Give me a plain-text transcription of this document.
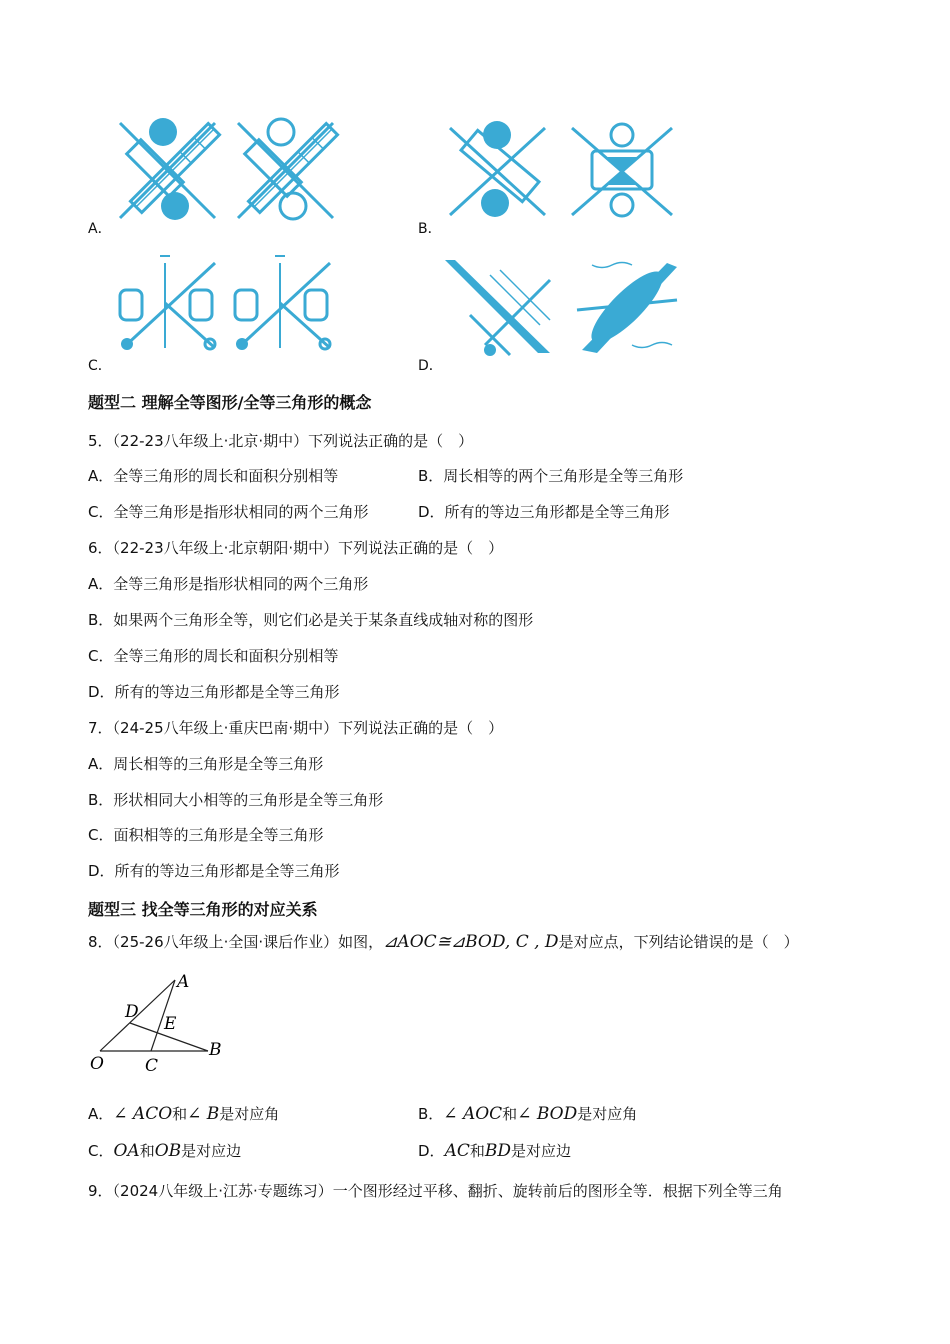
A．	B．
C．	D．
题型二 理解全等图形/全等三角形的概念
5．（22-23八年级上·北京·期中）下列说法正确的是（　）
A．全等三角形的周长和面积分别相等	B．周长相等的两个三角形是全等三角形
C．全等三角形是指形状相同的两个三角形	D．所有的等边三角形都是全等三角形
6．（22-23八年级上·北京朝阳·期中）下列说法正确的是（　）
A．全等三角形是指形状相同的两个三角形
B．如果两个三角形全等，则它们必是关于某条直线成轴对称的图形
C．全等三角形的周长和面积分别相等
D．所有的等边三角形都是全等三角形
7．（24-25八年级上·重庆巴南·期中）下列说法正确的是（　）
A．周长相等的三角形是全等三角形
B．形状相同大小相等的三角形是全等三角形
C．面积相等的三角形是全等三角形
D．所有的等边三角形都是全等三角形
题型三 找全等三角形的对应关系
8．（25-26八年级上·全国·课后作业）如图，⊿AOC≅⊿BOD, C , D是对应点，下列结论错误的是（　）
A
D
E
O C
B
A．∠ ACO和∠ B是对应角	B．∠ AOC和∠ BOD是对应角
C．OA和OB是对应边	D．AC和BD是对应边
9．（2024八年级上·江苏·专题练习）一个图形经过平移、翻折、旋转前后的图形全等．根据下列全等三角
